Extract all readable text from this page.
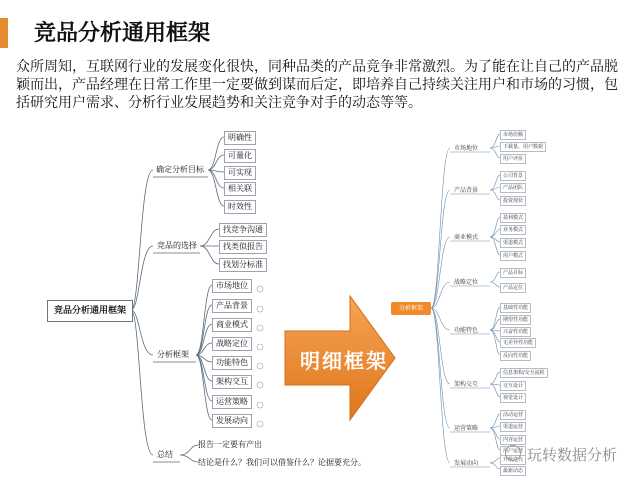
竞品分析通用框架
众所周知，互联网行业的发展变化很快，同种品类的产品竞争非常激烈。为了能在让自己的产品脱颖而出，产品经理在日常工作里一定要做到谋而后定，即培养自己持续关注用户和市场的习惯，包括研究用户需求、分析行业发展趋势和关注竞争对手的动态等等。
竞品分析通用框架
确定分析目标
竞品的选择
分析框架
总结
明确性
可量化
可实现
相关联
时效性
找竞争沟通
找类似报告
找划分标准
市场地位
产品背景
商业模式
战略定位
功能特色
架构交互
运营策略
发展动向
报告一定要有产出
结论是什么？我们可以借鉴什么？论据要充分。
明细框架
分析框架
市场地位
产品背景
商业模式
战略定位
功能特色
架构交互
运营策略
发展动向
市场份额
下载量、用户数据
用户评价
公司背景
产品团队
投资现状
盈利模式
业务模式
渠道模式
用户模式
产品目标
产品定位
基础性功能
期望性功能
兴奋性功能
无差异性功能
反向性功能
信息架构/交互流程
交互设计
视觉设计
活动运营
渠道运营
内容运营
用户运营
升级迭代
最新动态
玩转数据分析
